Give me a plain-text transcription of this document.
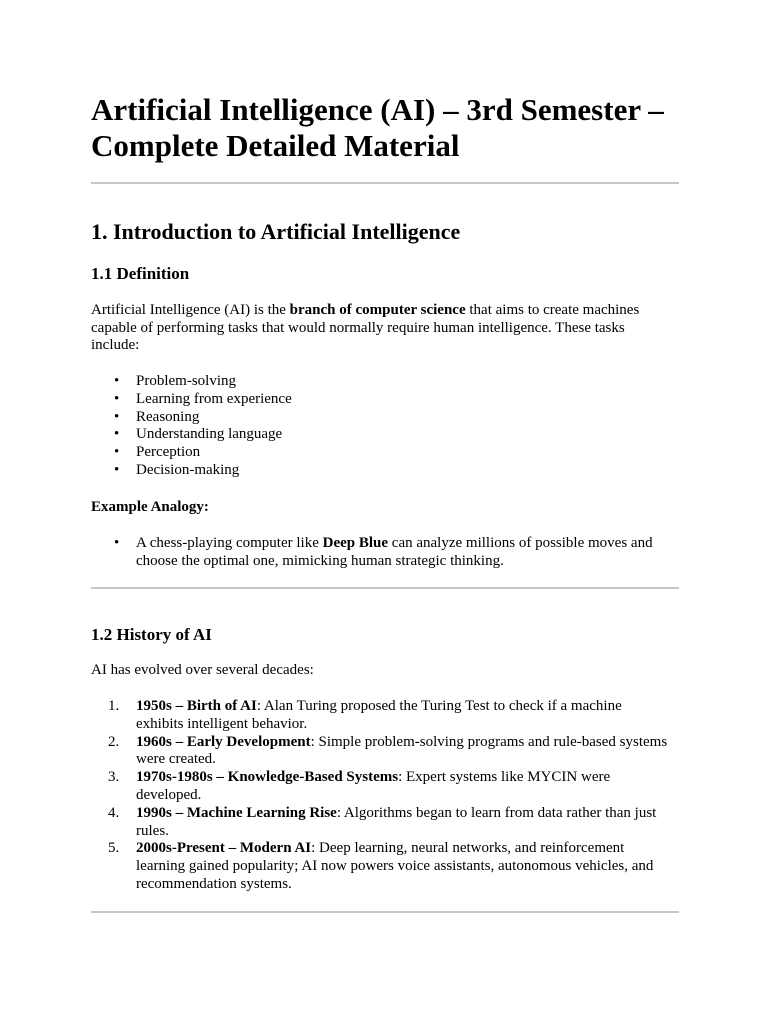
Artificial Intelligence (AI) – 3rd Semester – Complete Detailed Material
1. Introduction to Artificial Intelligence
1.1 Definition

Artificial Intelligence (AI) is the branch of computer science that aims to create machines capable of performing tasks that would normally require human intelligence. These tasks include:

• Problem-solving
• Learning from experience
• Reasoning
• Understanding language
• Perception
• Decision-making

Example Analogy:

• A chess-playing computer like Deep Blue can analyze millions of possible moves and choose the optimal one, mimicking human strategic thinking.
1.2 History of AI

AI has evolved over several decades:

1. 1950s – Birth of AI: Alan Turing proposed the Turing Test to check if a machine exhibits intelligent behavior.
2. 1960s – Early Development: Simple problem-solving programs and rule-based systems were created.
3. 1970s-1980s – Knowledge-Based Systems: Expert systems like MYCIN were developed.
4. 1990s – Machine Learning Rise: Algorithms began to learn from data rather than just rules.
5. 2000s-Present – Modern AI: Deep learning, neural networks, and reinforcement learning gained popularity; AI now powers voice assistants, autonomous vehicles, and recommendation systems.
